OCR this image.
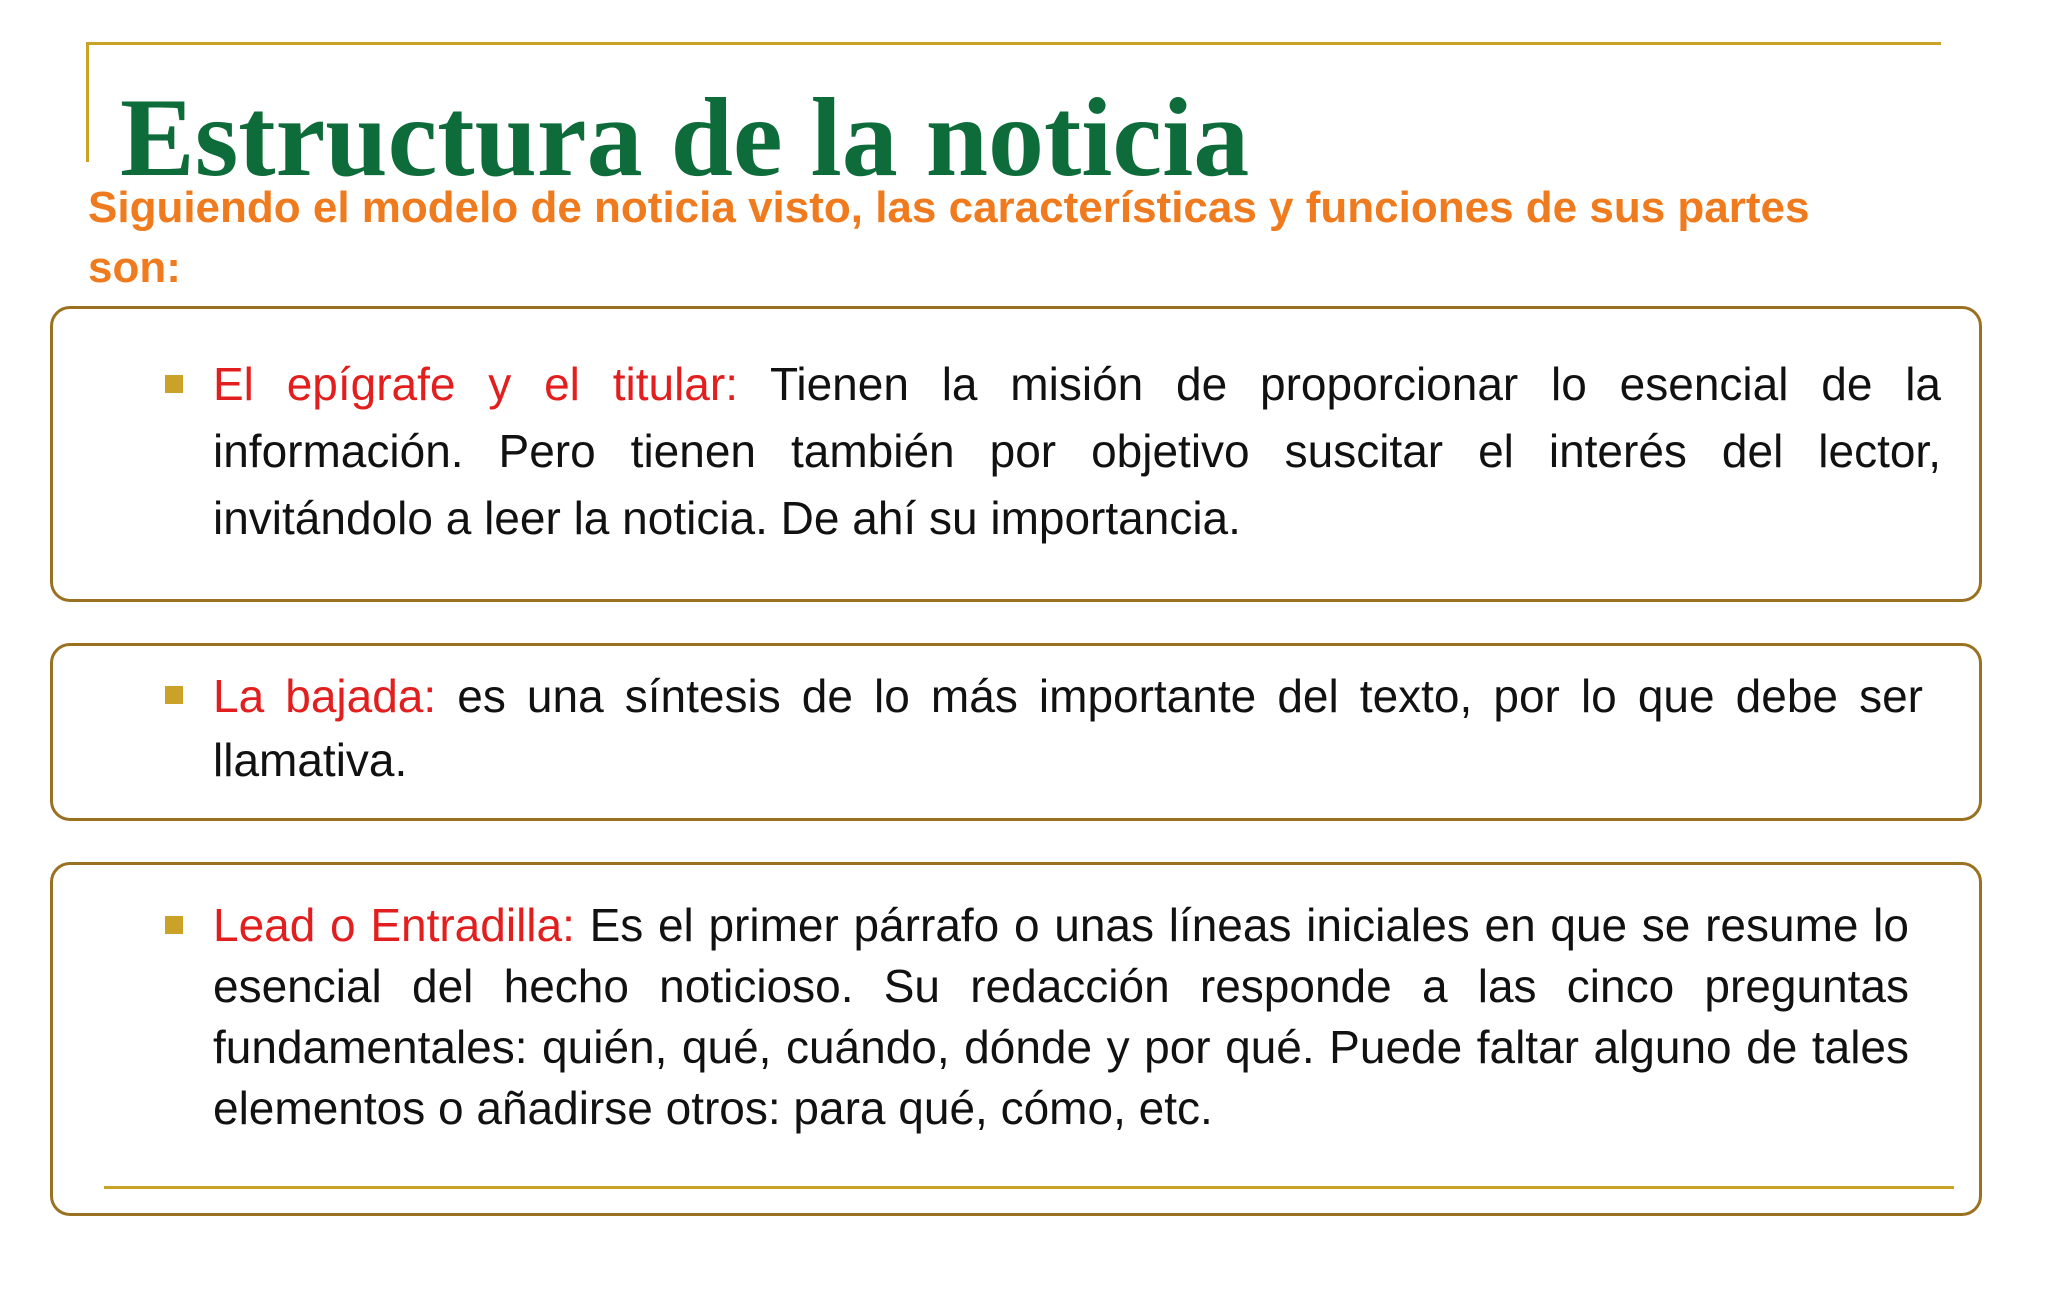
Estructura de la noticia

Siguiendo el modelo de noticia visto, las características y funciones de sus partes son:

El epígrafe y el titular: Tienen la misión de proporcionar lo esencial de la información. Pero tienen también por objetivo suscitar el interés del lector, invitándolo a leer la noticia. De ahí su importancia.
La bajada: es una síntesis de lo más importante del texto, por lo que debe ser llamativa.
Lead o Entradilla: Es el primer párrafo o unas líneas iniciales en que se resume lo esencial del hecho noticioso. Su redacción responde a las cinco preguntas fundamentales: quién, qué, cuándo, dónde y por qué. Puede faltar alguno de tales elementos o añadirse otros: para qué, cómo, etc.
